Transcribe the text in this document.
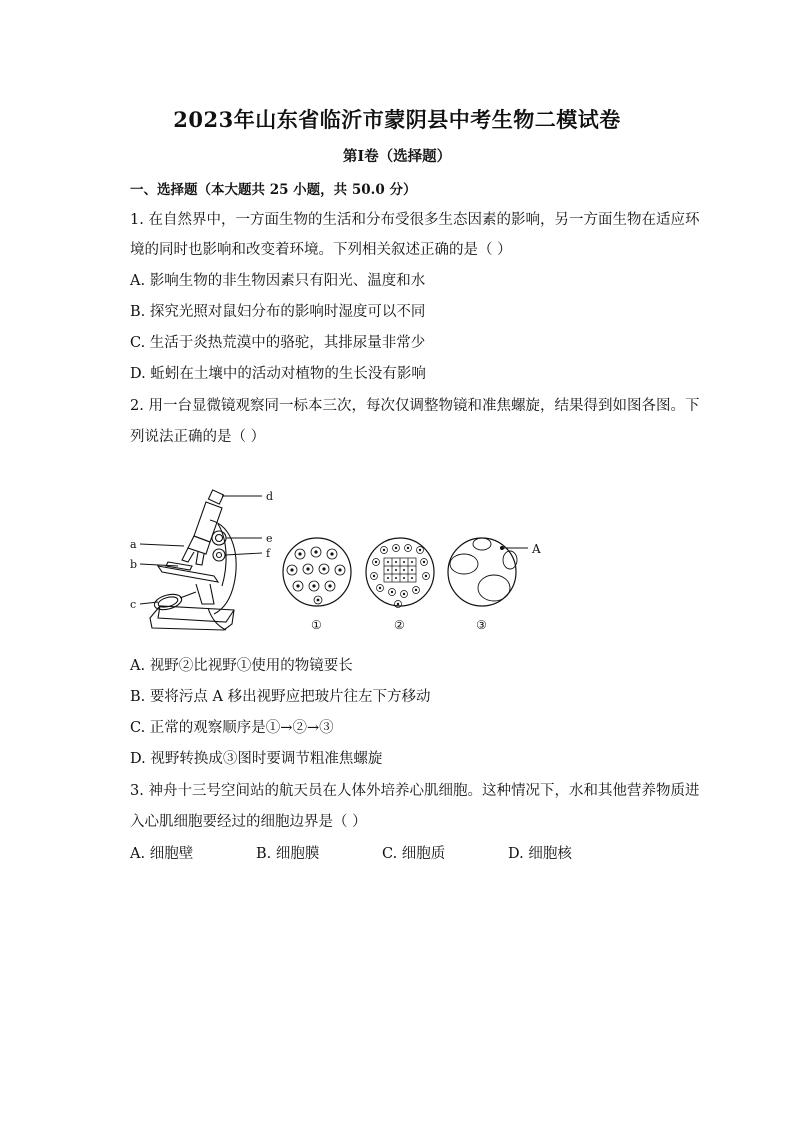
2023年山东省临沂市蒙阴县中考生物二模试卷
第Ⅰ卷（选择题）
一、选择题（本大题共 25 小题，共 50.0 分）
1. 在自然界中，一方面生物的生活和分布受很多生态因素的影响，另一方面生物在适应环
境的同时也影响和改变着环境。下列相关叙述正确的是（ ）
A. 影响生物的非生物因素只有阳光、温度和水
B. 探究光照对鼠妇分布的影响时湿度可以不同
C. 生活于炎热荒漠中的骆驼，其排尿量非常少
D. 蚯蚓在土壤中的活动对植物的生长没有影响
2. 用一台显微镜观察同一标本三次，每次仅调整物镜和准焦螺旋，结果得到如图各图。下
列说法正确的是（ ）
d
a
b
c
e
f	A
①	②	③
A. 视野②比视野①使用的物镜要长
B. 要将污点 A 移出视野应把玻片往左下方移动
C. 正常的观察顺序是①→②→③
D. 视野转换成③图时要调节粗准焦螺旋
3. 神舟十三号空间站的航天员在人体外培养心肌细胞。这种情况下，水和其他营养物质进
入心肌细胞要经过的细胞边界是（ ）
A. 细胞壁	B. 细胞膜	C. 细胞质	D. 细胞核
